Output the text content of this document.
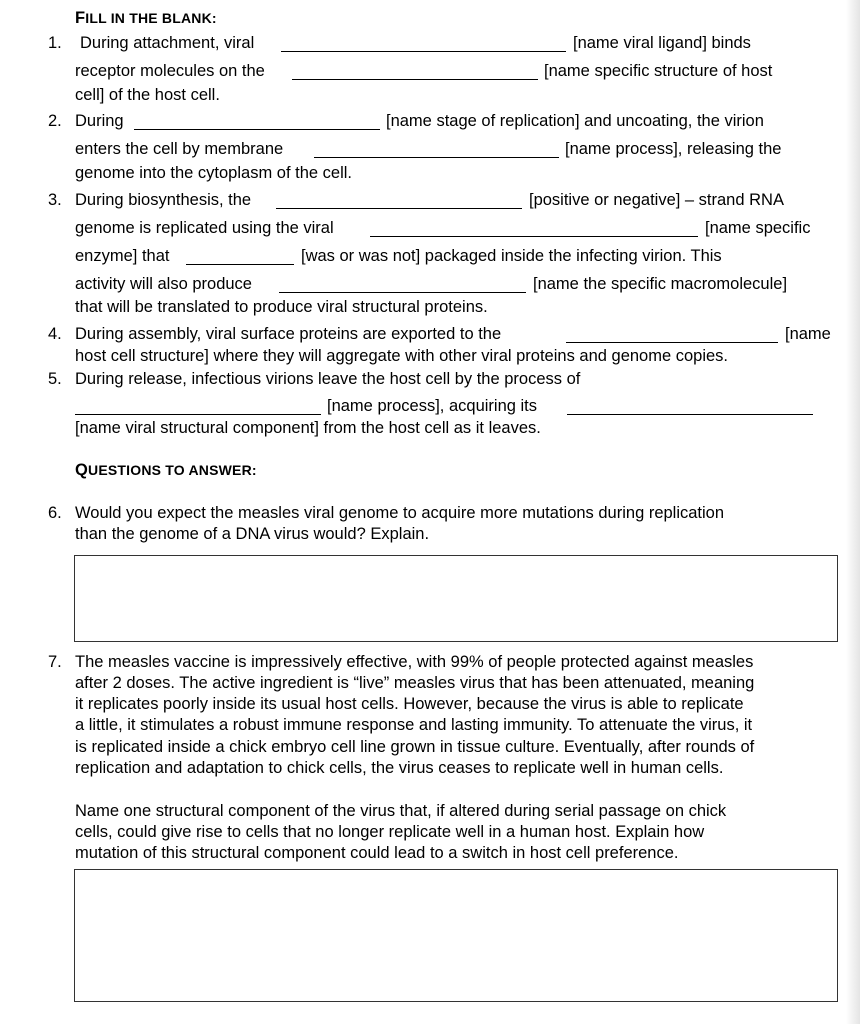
FILL IN THE BLANK:
1. During attachment, viral	[name viral ligand] binds
receptor molecules on the	[name specific structure of host
cell] of the host cell.
2. During	[name stage of replication] and uncoating, the virion
enters the cell by membrane	[name process], releasing the
genome into the cytoplasm of the cell.
3. During biosynthesis, the	[positive or negative] – strand RNA
genome is replicated using the viral	[name specific
enzyme] that	[was or was not] packaged inside the infecting virion. This
activity will also produce	[name the specific macromolecule]
that will be translated to produce viral structural proteins.
4. During assembly, viral surface proteins are exported to the	[name
host cell structure] where they will aggregate with other viral proteins and genome copies.
5. During release, infectious virions leave the host cell by the process of
[name process], acquiring its
[name viral structural component] from the host cell as it leaves.
QUESTIONS TO ANSWER:
6. Would you expect the measles viral genome to acquire more mutations during replication
than the genome of a DNA virus would? Explain.
7. The measles vaccine is impressively effective, with 99% of people protected against measles
after 2 doses. The active ingredient is “live” measles virus that has been attenuated, meaning
it replicates poorly inside its usual host cells. However, because the virus is able to replicate
a little, it stimulates a robust immune response and lasting immunity. To attenuate the virus, it
is replicated inside a chick embryo cell line grown in tissue culture. Eventually, after rounds of
replication and adaptation to chick cells, the virus ceases to replicate well in human cells.
Name one structural component of the virus that, if altered during serial passage on chick
cells, could give rise to cells that no longer replicate well in a human host. Explain how
mutation of this structural component could lead to a switch in host cell preference.
